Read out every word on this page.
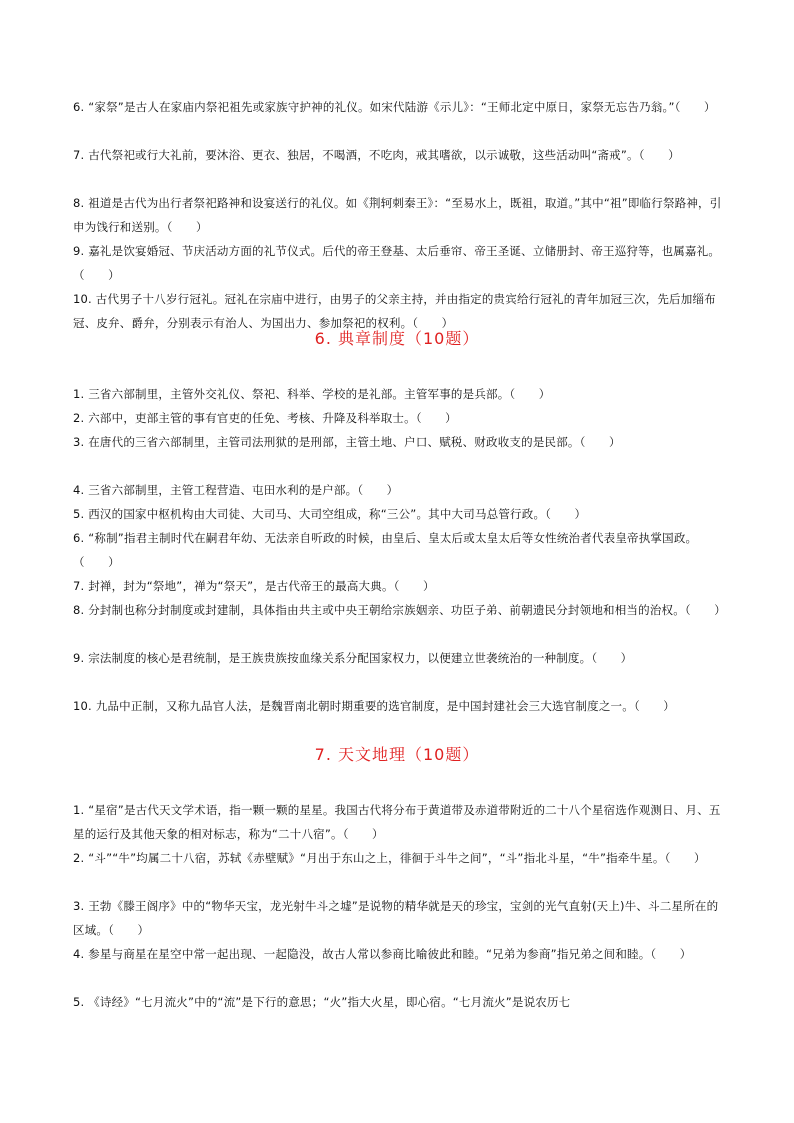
6. “家祭”是古人在家庙内祭祀祖先或家族守护神的礼仪。如宋代陆游《示儿》：“王师北定中原日，家祭无忘告乃翁。”（　　）
7. 古代祭祀或行大礼前，要沐浴、更衣、独居，不喝酒，不吃肉，戒其嗜欲，以示诚敬，这些活动叫“斋戒”。（　　）
8. 祖道是古代为出行者祭祀路神和设宴送行的礼仪。如《荆轲刺秦王》：“至易水上，既祖，取道。”其中“祖”即临行祭路神，引申为饯行和送别。（　　）
9. 嘉礼是饮宴婚冠、节庆活动方面的礼节仪式。后代的帝王登基、太后垂帘、帝王圣诞、立储册封、帝王巡狩等，也属嘉礼。（　　）
10. 古代男子十八岁行冠礼。冠礼在宗庙中进行，由男子的父亲主持，并由指定的贵宾给行冠礼的青年加冠三次，先后加缁布冠、皮弁、爵弁，分别表示有治人、为国出力、参加祭祀的权利。（　　）
6. 典章制度（10题）
1. 三省六部制里，主管外交礼仪、祭祀、科举、学校的是礼部。主管军事的是兵部。（　　）
2. 六部中，吏部主管的事有官吏的任免、考核、升降及科举取士。（　　）
3. 在唐代的三省六部制里，主管司法刑狱的是刑部，主管土地、户口、赋税、财政收支的是民部。（　　）
4. 三省六部制里，主管工程营造、屯田水利的是户部。（　　）
5. 西汉的国家中枢机构由大司徒、大司马、大司空组成，称“三公”。其中大司马总管行政。（　　）
6. “称制”指君主制时代在嗣君年幼、无法亲自听政的时候，由皇后、皇太后或太皇太后等女性统治者代表皇帝执掌国政。（　　）
7. 封禅，封为“祭地”，禅为“祭天”，是古代帝王的最高大典。（　　）
8. 分封制也称分封制度或封建制，具体指由共主或中央王朝给宗族姻亲、功臣子弟、前朝遗民分封领地和相当的治权。（　　）
9. 宗法制度的核心是君统制，是王族贵族按血缘关系分配国家权力，以便建立世袭统治的一种制度。（　　）
10. 九品中正制，又称九品官人法，是魏晋南北朝时期重要的选官制度，是中国封建社会三大选官制度之一。（　　）
7. 天文地理（10题）
1. “星宿”是古代天文学术语，指一颗一颗的星星。我国古代将分布于黄道带及赤道带附近的二十八个星宿选作观测日、月、五星的运行及其他天象的相对标志，称为“二十八宿”。（　　）
2. “斗”“牛”均属二十八宿，苏轼《赤壁赋》“月出于东山之上，徘徊于斗牛之间”，“斗”指北斗星，“牛”指牵牛星。（　　）
3. 王勃《滕王阁序》中的“物华天宝，龙光射牛斗之墟”是说物的精华就是天的珍宝，宝剑的光气直射(天上)牛、斗二星所在的区域。（　　）
4. 参星与商星在星空中常一起出现、一起隐没，故古人常以参商比喻彼此和睦。“兄弟为参商”指兄弟之间和睦。（　　）
5. 《诗经》“七月流火”中的“流”是下行的意思；“火”指大火星，即心宿。“七月流火”是说农历七
